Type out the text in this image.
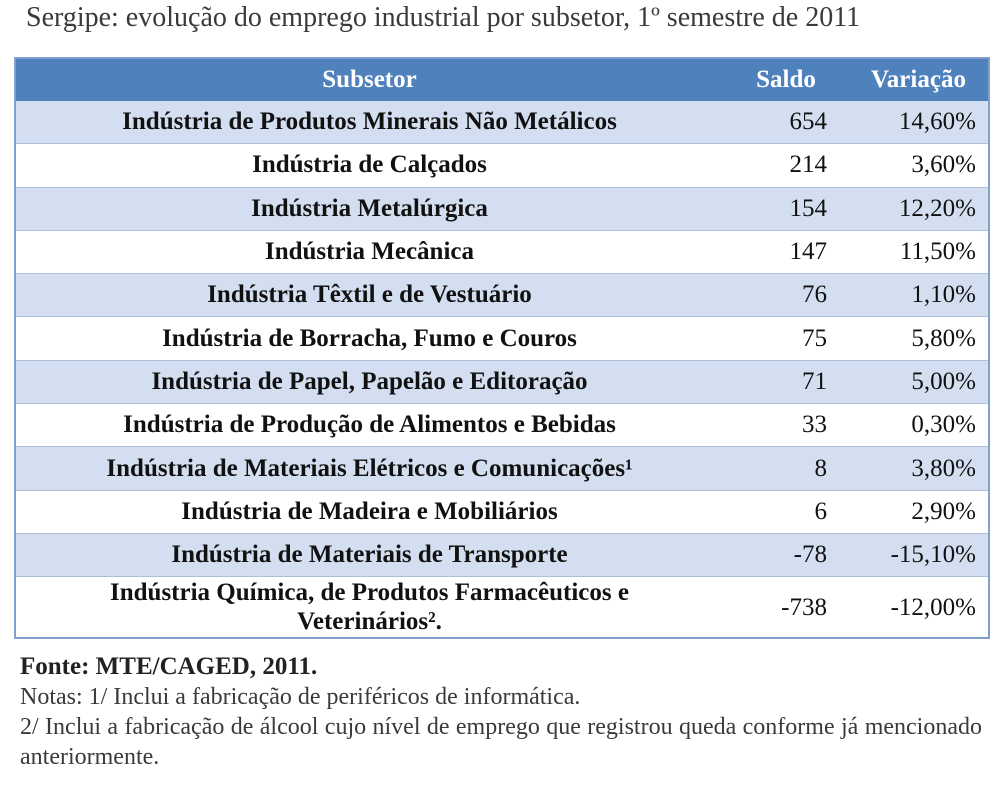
Sergipe: evolução do emprego industrial por subsetor, 1º semestre de 2011
Subsetor	Saldo	Variação
Indústria de Produtos Minerais Não Metálicos	654	14,60%
Indústria de Calçados	214	3,60%
Indústria Metalúrgica	154	12,20%
Indústria Mecânica	147	11,50%
Indústria Têxtil e de Vestuário	76	1,10%
Indústria de Borracha, Fumo e Couros	75	5,80%
Indústria de Papel, Papelão e Editoração	71	5,00%
Indústria de Produção de Alimentos e Bebidas	33	0,30%
Indústria de Materiais Elétricos e Comunicações¹	8	3,80%
Indústria de Madeira e Mobiliários	6	2,90%
Indústria de Materiais de Transporte	-78	-15,10%
Indústria Química, de Produtos Farmacêuticos e
Veterinários².	-738	-12,00%
Fonte: MTE/CAGED, 2011.
Notas: 1/ Inclui a fabricação de periféricos de informática.
2/ Inclui a fabricação de álcool cujo nível de emprego que registrou queda conforme já mencionado anteriormente.
